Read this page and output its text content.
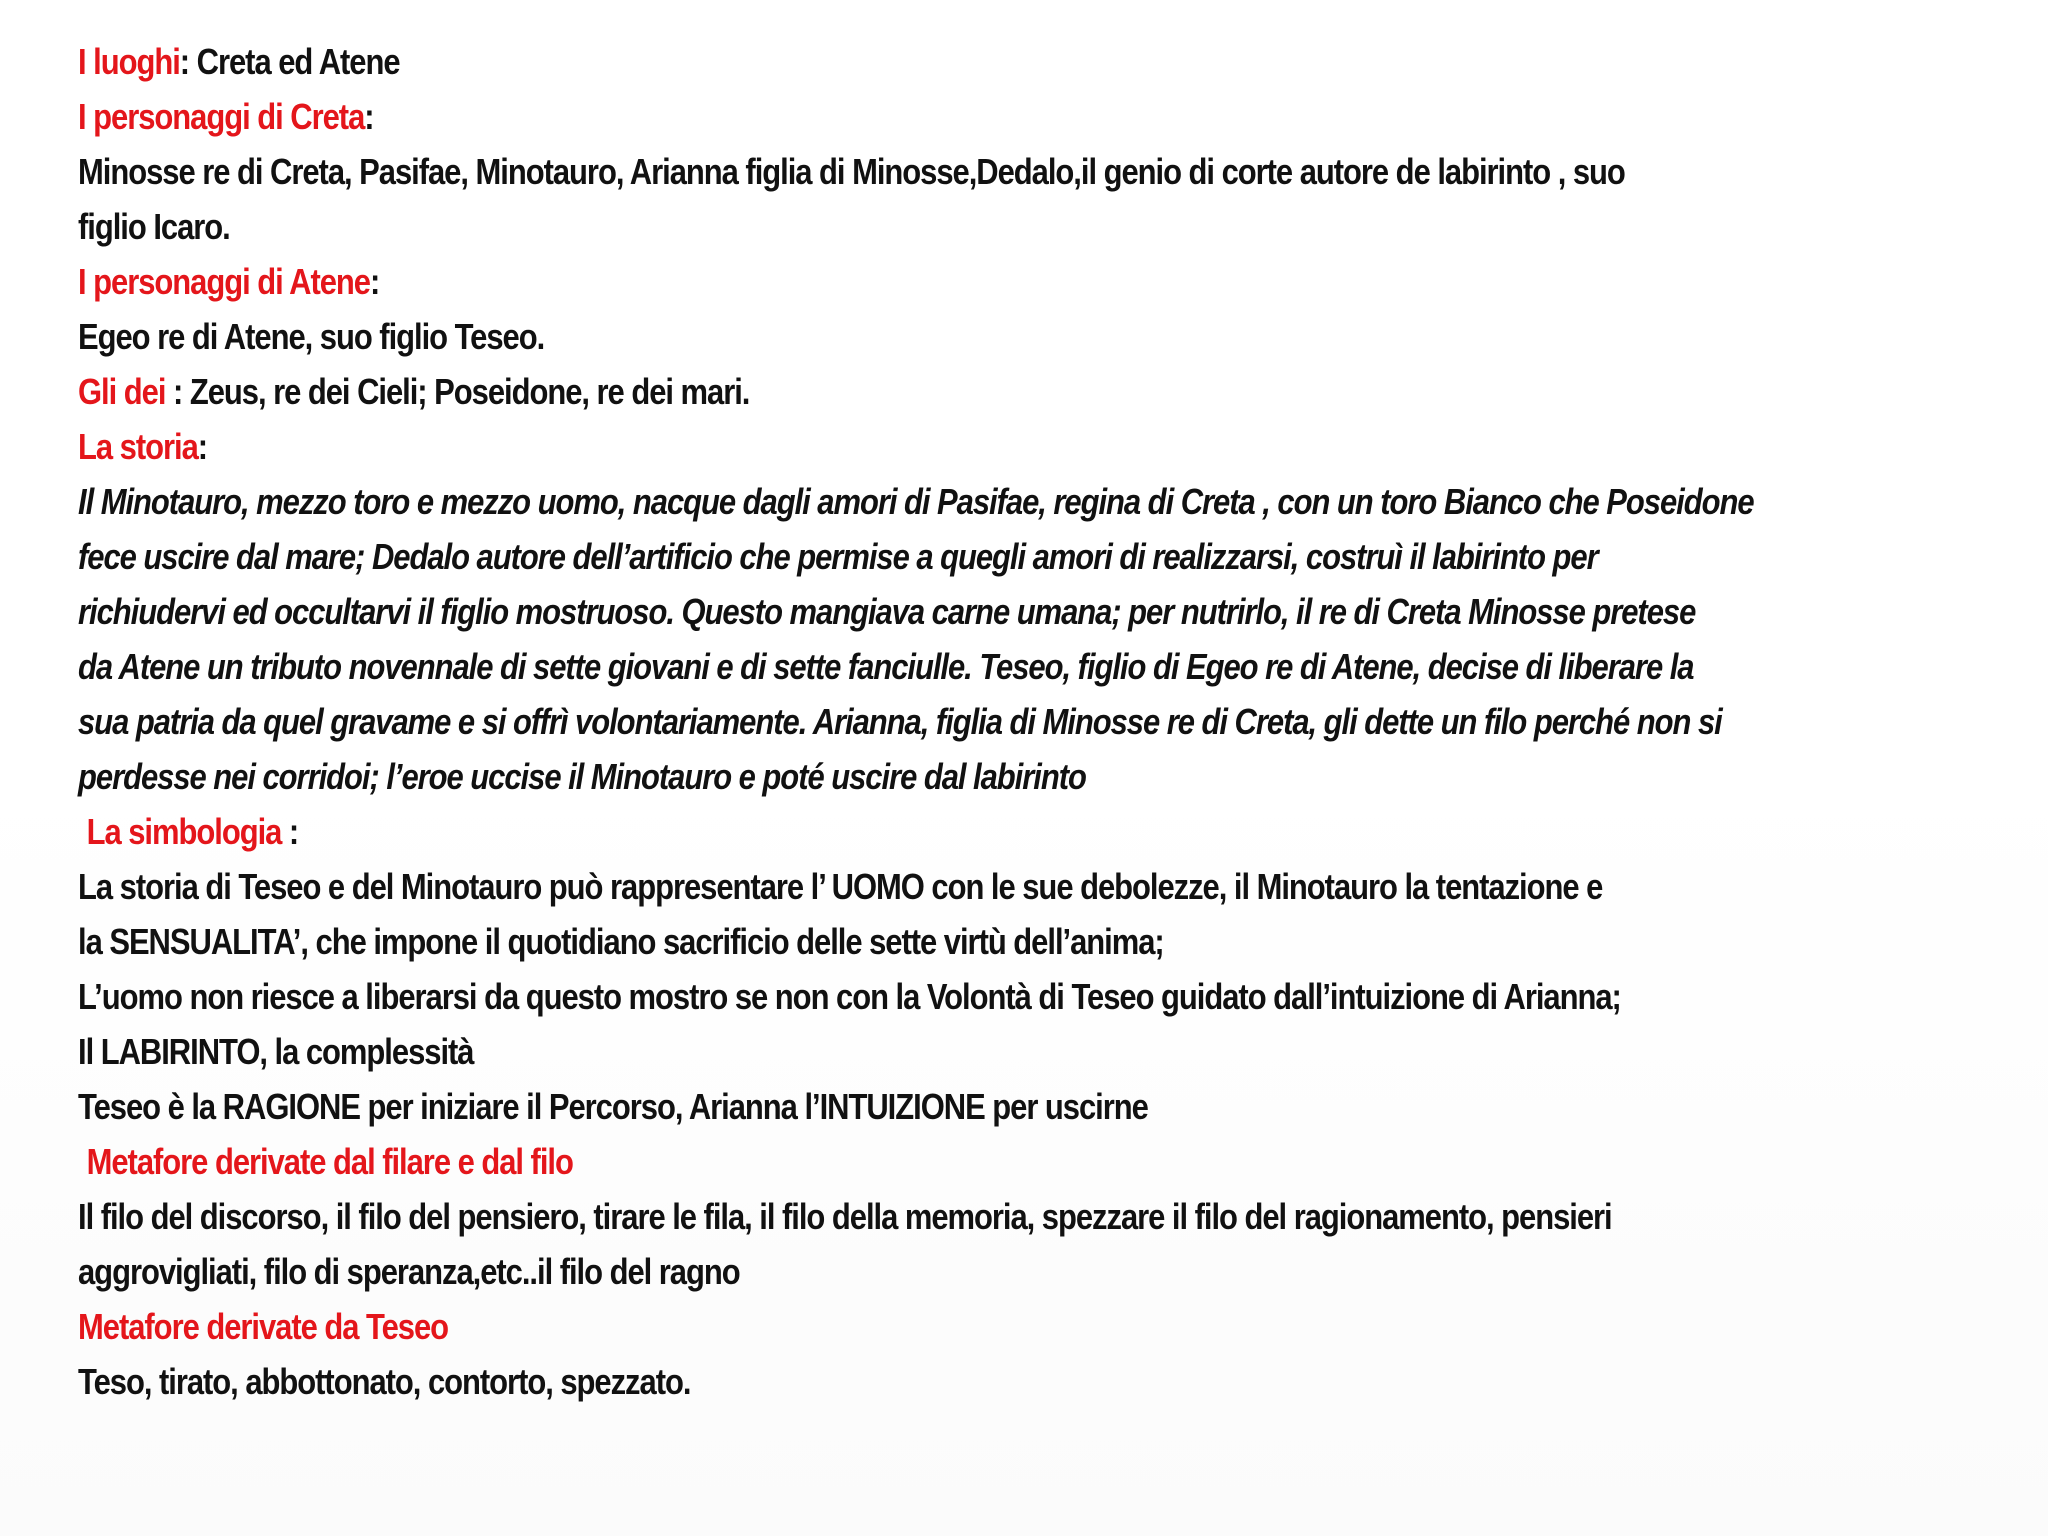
I luoghi: Creta ed Atene

I personaggi di Creta:

Minosse re di Creta, Pasifae, Minotauro, Arianna figlia di Minosse,Dedalo,il genio di corte autore de labirinto , suo

figlio Icaro.

I personaggi di Atene:

Egeo re di Atene, suo figlio Teseo.

Gli dei : Zeus, re dei Cieli; Poseidone, re dei mari.

La storia:

Il Minotauro, mezzo toro e mezzo uomo, nacque dagli amori di Pasifae, regina di Creta , con un toro Bianco che Poseidone

fece uscire dal mare; Dedalo autore dell’artificio che permise a quegli amori di realizzarsi, costruì il labirinto per

richiudervi ed occultarvi il figlio mostruoso. Questo mangiava carne umana; per nutrirlo, il re di Creta Minosse pretese

da Atene un tributo novennale di sette giovani e di sette fanciulle. Teseo, figlio di Egeo re di Atene, decise di liberare la

sua patria da quel gravame e si offrì volontariamente. Arianna, figlia di Minosse re di Creta, gli dette un filo perché non si

perdesse nei corridoi; l’eroe uccise il Minotauro e poté uscire dal labirinto

La simbologia :

La storia di Teseo e del Minotauro può rappresentare l’ UOMO con le sue debolezze, il Minotauro la tentazione e

la SENSUALITA’, che impone il quotidiano sacrificio delle sette virtù dell’anima;

L’uomo non riesce a liberarsi da questo mostro se non con la Volontà di Teseo guidato dall’intuizione di Arianna;

Il LABIRINTO, la complessità

Teseo è la RAGIONE per iniziare il Percorso, Arianna l’INTUIZIONE per uscirne

Metafore derivate dal filare e dal filo

Il filo del discorso, il filo del pensiero, tirare le fila, il filo della memoria, spezzare il filo del ragionamento, pensieri

aggrovigliati, filo di speranza,etc..il filo del ragno

Metafore derivate da Teseo

Teso, tirato, abbottonato, contorto, spezzato.
